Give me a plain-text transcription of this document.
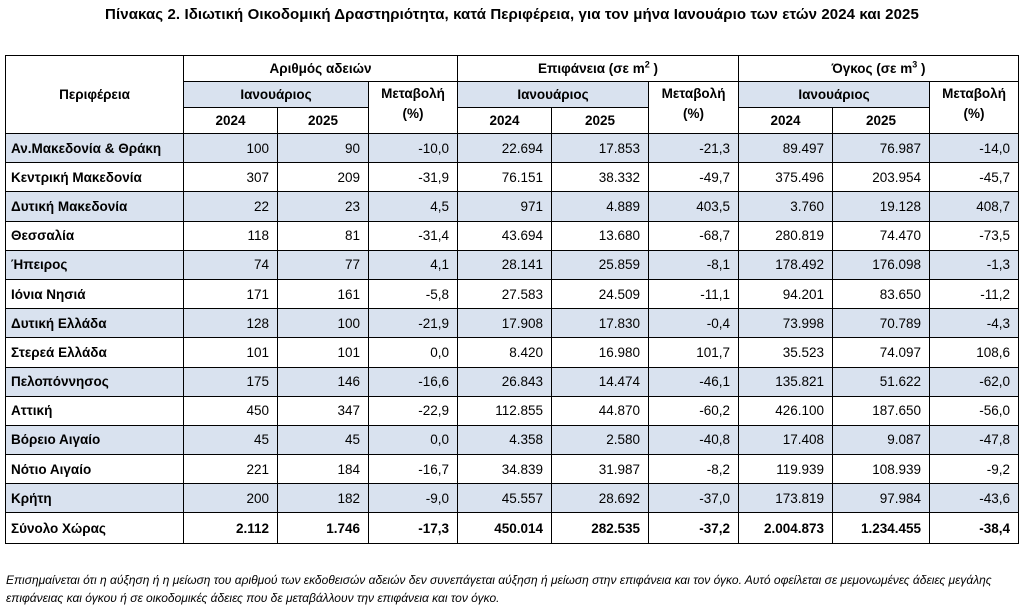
Πίνακας 2. Ιδιωτική Οικοδομική Δραστηριότητα, κατά Περιφέρεια, για τον μήνα Ιανουάριο των ετών 2024 και 2025
Περιφέρεια	Αριθμός αδειών			Επιφάνεια (σε $m^2$ )			Όγκος (σε $m^3$ )		
	Ιανουάριος		Μεταβολή (%)	Ιανουάριος		Μεταβολή (%)	Ιανουάριος		Μεταβολή (%)
	2024	2025		2024	2025		2024	2025	
Αν.Μακεδονία & Θράκη	100	90	-10,0	22.694	17.853	-21,3	89.497	76.987	-14,0
Κεντρική Μακεδονία	307	209	-31,9	76.151	38.332	-49,7	375.496	203.954	-45,7
Δυτική Μακεδονία	22	23	4,5	971	4.889	403,5	3.760	19.128	408,7
Θεσσαλία	118	81	-31,4	43.694	13.680	-68,7	280.819	74.470	-73,5
Ήπειρος	74	77	4,1	28.141	25.859	-8,1	178.492	176.098	-1,3
Ιόνια Νησιά	171	161	-5,8	27.583	24.509	-11,1	94.201	83.650	-11,2
Δυτική Ελλάδα	128	100	-21,9	17.908	17.830	-0,4	73.998	70.789	-4,3
Στερεά Ελλάδα	101	101	0,0	8.420	16.980	101,7	35.523	74.097	108,6
Πελοπόννησος	175	146	-16,6	26.843	14.474	-46,1	135.821	51.622	-62,0
Αττική	450	347	-22,9	112.855	44.870	-60,2	426.100	187.650	-56,0
Βόρειο Αιγαίο	45	45	0,0	4.358	2.580	-40,8	17.408	9.087	-47,8
Νότιο Αιγαίο	221	184	-16,7	34.839	31.987	-8,2	119.939	108.939	-9,2
Κρήτη	200	182	-9,0	45.557	28.692	-37,0	173.819	97.984	-43,6
Σύνολο Χώρας	2.112	1.746	-17,3	450.014	282.535	-37,2	2.004.873	1.234.455	-38,4
Επισημαίνεται ότι η αύξηση ή η μείωση του αριθμού των εκδοθεισών αδειών δεν συνεπάγεται αύξηση ή μείωση στην επιφάνεια και τον όγκο. Αυτό οφείλεται σε μεμονωμένες άδειες μεγάλης επιφάνειας και όγκου ή σε οικοδομικές άδειες που δε μεταβάλλουν την επιφάνεια και τον όγκο.
